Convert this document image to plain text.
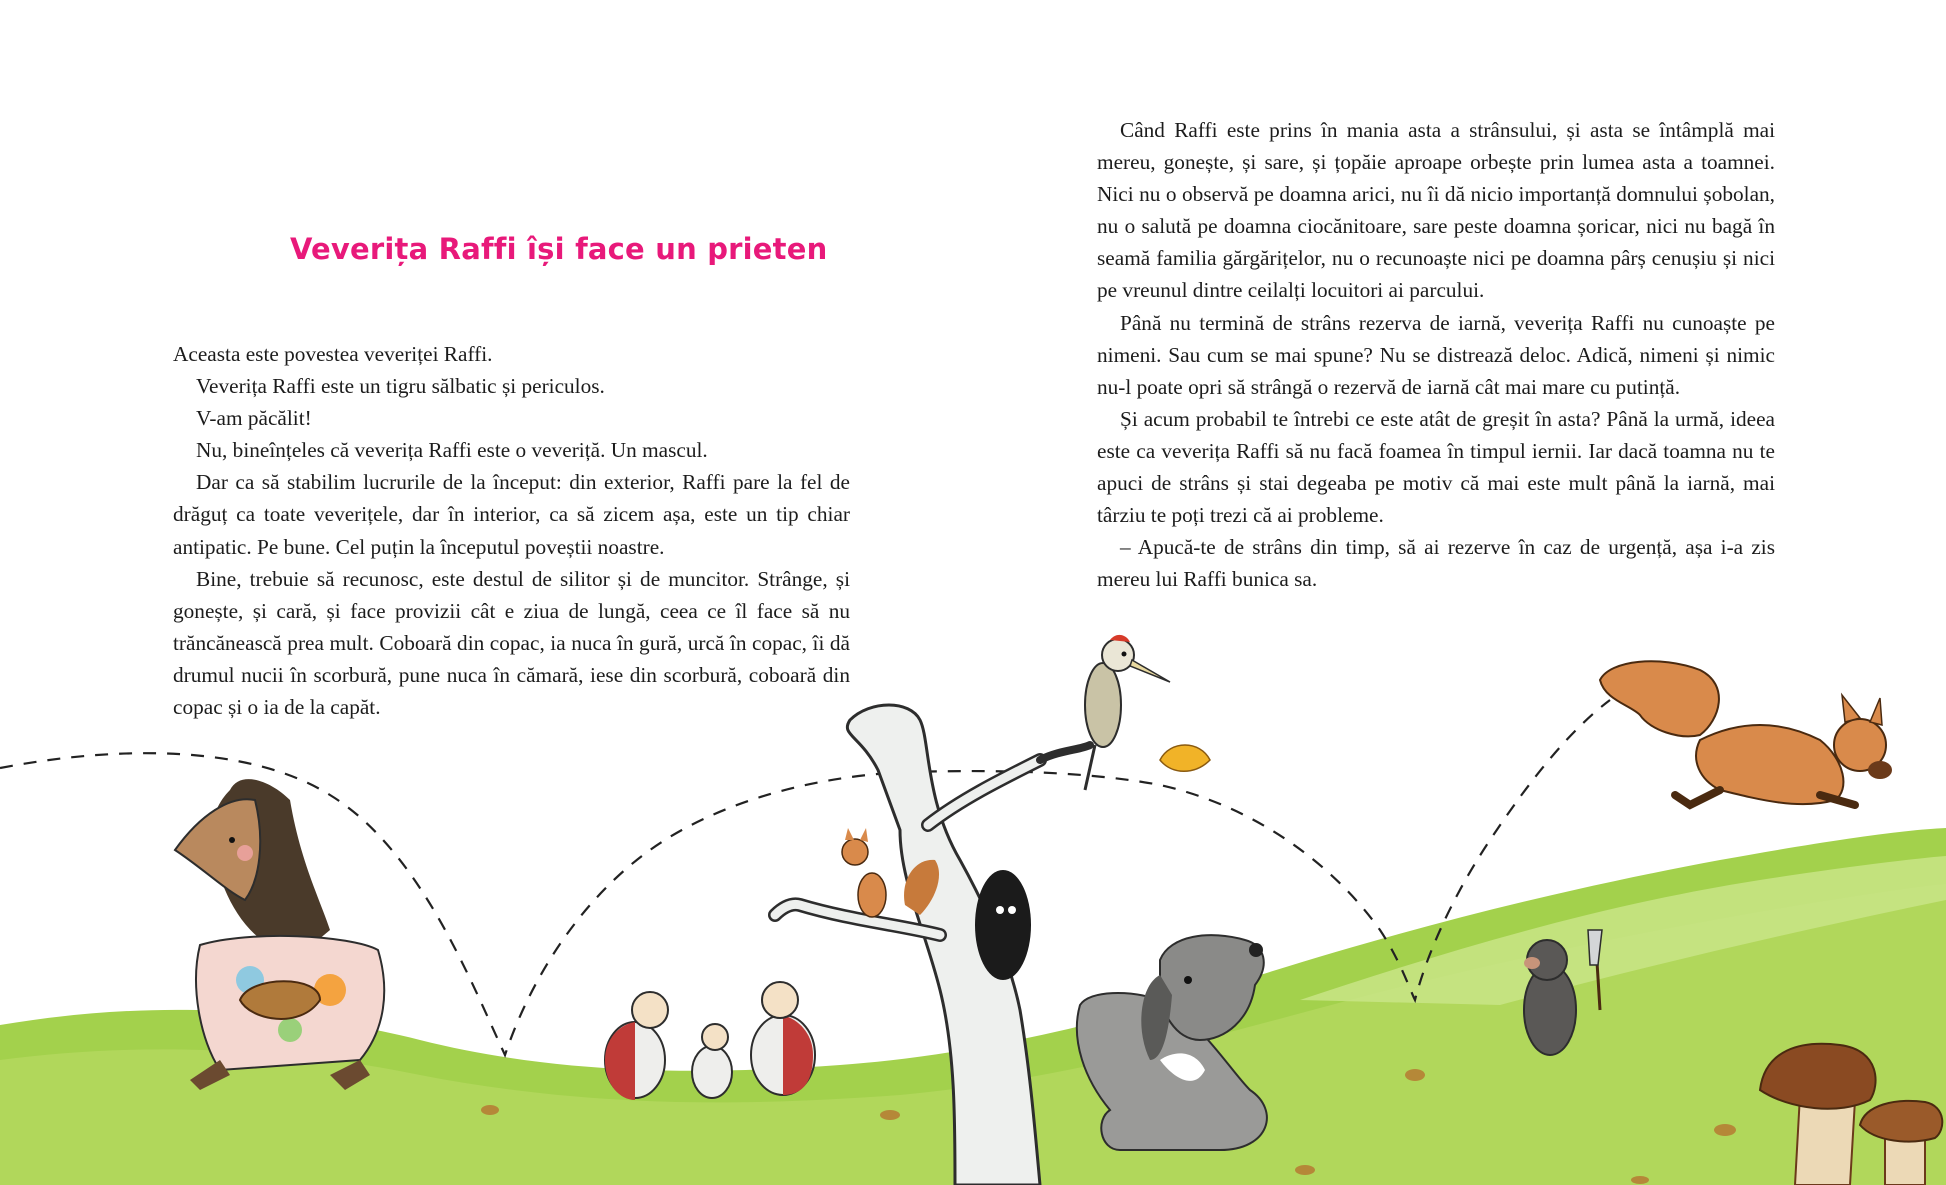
Veverița Raffi își face un prieten

Aceasta este povestea veveriței Raffi.

Veverița Raffi este un tigru sălbatic și periculos.

V-am păcălit!

Nu, bineînțeles că veverița Raffi este o veveriță. Un mascul.

Dar ca să stabilim lucrurile de la început: din exterior, Raffi pare la fel de drăguț ca toate veverițele, dar în interior, ca să zicem așa, este un tip chiar antipatic. Pe bune. Cel puțin la începutul poveștii noastre.

Bine, trebuie să recunosc, este destul de silitor și de muncitor. Strânge, și gonește, și cară, și face provizii cât e ziua de lungă, ceea ce îl face să nu trăncănească prea mult. Coboară din copac, ia nuca în gură, urcă în copac, îi dă drumul nucii în scorbură, pune nuca în cămară, iese din scorbură, coboară din copac și o ia de la capăt.

Când Raffi este prins în mania asta a strânsului, și asta se întâmplă mai mereu, gonește, și sare, și țopăie aproape orbește prin lumea asta a toamnei. Nici nu o observă pe doamna arici, nu îi dă nicio importanță domnului șobolan, nu o salută pe doamna ciocănitoare, sare peste doamna șoricar, nici nu bagă în seamă familia gărgărițelor, nu o recunoaște nici pe doamna pârș cenușiu și nici pe vreunul dintre ceilalți locuitori ai parcului.

Până nu termină de strâns rezerva de iarnă, veverița Raffi nu cunoaște pe nimeni. Sau cum se mai spune? Nu se distrează deloc. Adică, nimeni și nimic nu-l poate opri să strângă o rezervă de iarnă cât mai mare cu putință.

Și acum probabil te întrebi ce este atât de greșit în asta? Până la urmă, ideea este ca veverița Raffi să nu facă foamea în timpul iernii. Iar dacă toamna nu te apuci de strâns și stai degeaba pe motiv că mai este mult până la iarnă, mai târziu te poți trezi că ai probleme.

– Apucă-te de strâns din timp, să ai rezerve în caz de urgență, așa i-a zis mereu lui Raffi bunica sa.
